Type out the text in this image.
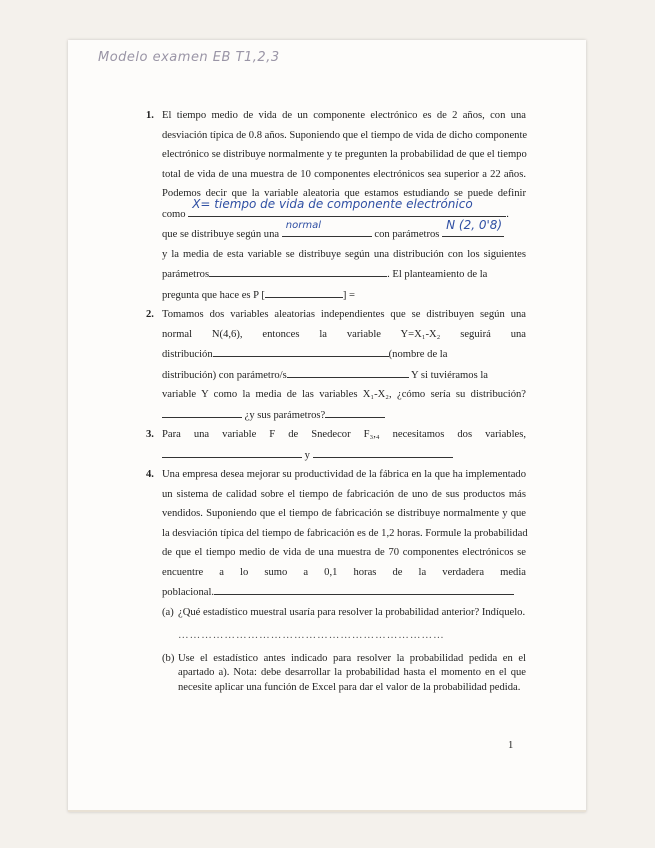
Modelo examen EB T1,2,3
1. El tiempo medio de vida de un componente electrónico es de 2 años, con una
desviación típica de 0.8 años. Suponiendo que el tiempo de vida de dicho componente
electrónico se distribuye normalmente y te pregunten la probabilidad de que el tiempo
total de vida de una muestra de 10 componentes electrónicos sea superior a 22 años.
Podemos decir que la variable aleatoria que estamos estudiando se puede definir
como
X= tiempo de vida de componente electrónico
.
que se distribuye según una
normal
con parámetros
N (2, 0'8)
y la media de esta variable se distribuye según una distribución con los siguientes
parámetros	. El planteamiento de la
pregunta que hace es P [	] =
2. Tomamos dos variables aleatorias independientes que se distribuyen según una
normal N(4,6), entonces la variable Y=X₁-X₂ seguirá una
distribución	(nombre de la
distribución) con parámetro/s	Y si tuviéramos la
variable Y como la media de las variables X₁-X₂, ¿cómo sería su distribución?
¿y sus parámetros?
3. Para una variable F de Snedecor F₃,₄ necesitamos dos variables,
y
4. Una empresa desea mejorar su productividad de la fábrica en la que ha implementado
un sistema de calidad sobre el tiempo de fabricación de uno de sus productos más
vendidos. Suponiendo que el tiempo de fabricación se distribuye normalmente y que
la desviación típica del tiempo de fabricación es de 1,2 horas. Formule la probabilidad
de que el tiempo medio de vida de una muestra de 70 componentes electrónicos se
encuentre a lo sumo a 0,1 horas de la verdadera media
poblacional.
(a) ¿Qué estadístico muestral usaría para resolver la probabilidad anterior? Indíquelo.
……………………………………………………………
(b) Use el estadístico antes indicado para resolver la probabilidad pedida en el
apartado a). Nota: debe desarrollar la probabilidad hasta el momento en el que
necesite aplicar una función de Excel para dar el valor de la probabilidad pedida.
1
